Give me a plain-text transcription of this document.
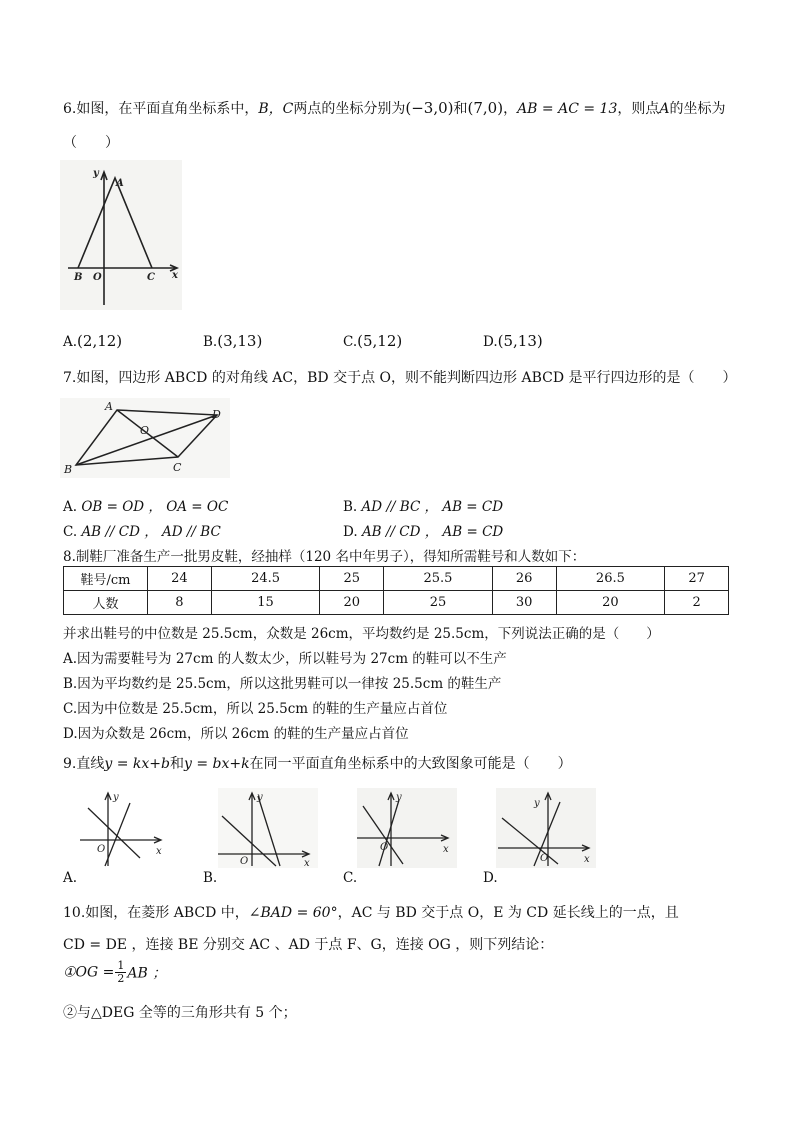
6.如图，在平面直角坐标系中，B，C两点的坐标分别为(−3,0)和(7,0)，AB = AC = 13，则点A的坐标为
（　　）
y
A
B O	C x
A.(2,12)	B.(3,13)	C.(5,12)	D.(5,13)
7.如图，四边形 ABCD 的对角线 AC，BD 交于点 O，则不能判断四边形 ABCD 是平行四边形的是（　　）
A
D
O
B	C
A. OB = OD ， OA = OC	B. AD // BC ， AB = CD
C. AB // CD ， AD // BC	D. AB // CD ， AB = CD
8.制鞋厂准备生产一批男皮鞋，经抽样（120 名中年男子），得知所需鞋号和人数如下：
鞋号/cm	24	24.5	25	25.5	26	26.5	27
人数	8	15	20	25	30	20	2
并求出鞋号的中位数是 25.5cm，众数是 26cm，平均数约是 25.5cm，下列说法正确的是（　　）
A.因为需要鞋号为 27cm 的人数太少，所以鞋号为 27cm 的鞋可以不生产
B.因为平均数约是 25.5cm，所以这批男鞋可以一律按 25.5cm 的鞋生产
C.因为中位数是 25.5cm，所以 25.5cm 的鞋的生产量应占首位
D.因为众数是 26cm，所以 26cm 的鞋的生产量应占首位
9.直线y = kx+b和y = bx+k在同一平面直角坐标系中的大致图象可能是（　　）
y
O	x
y
O	x
y
O	x
y
O	x
A.	B.	C.	D.
10.如图，在菱形 ABCD 中，∠BAD = 60°，AC 与 BD 交于点 O，E 为 CD 延长线上的一点，且
CD = DE ，连接 BE 分别交 AC 、AD 于点 F、G，连接 OG ，则下列结论：
①OG = $\frac{1}{2}$ AB ；
②与△DEG 全等的三角形共有 5 个；
